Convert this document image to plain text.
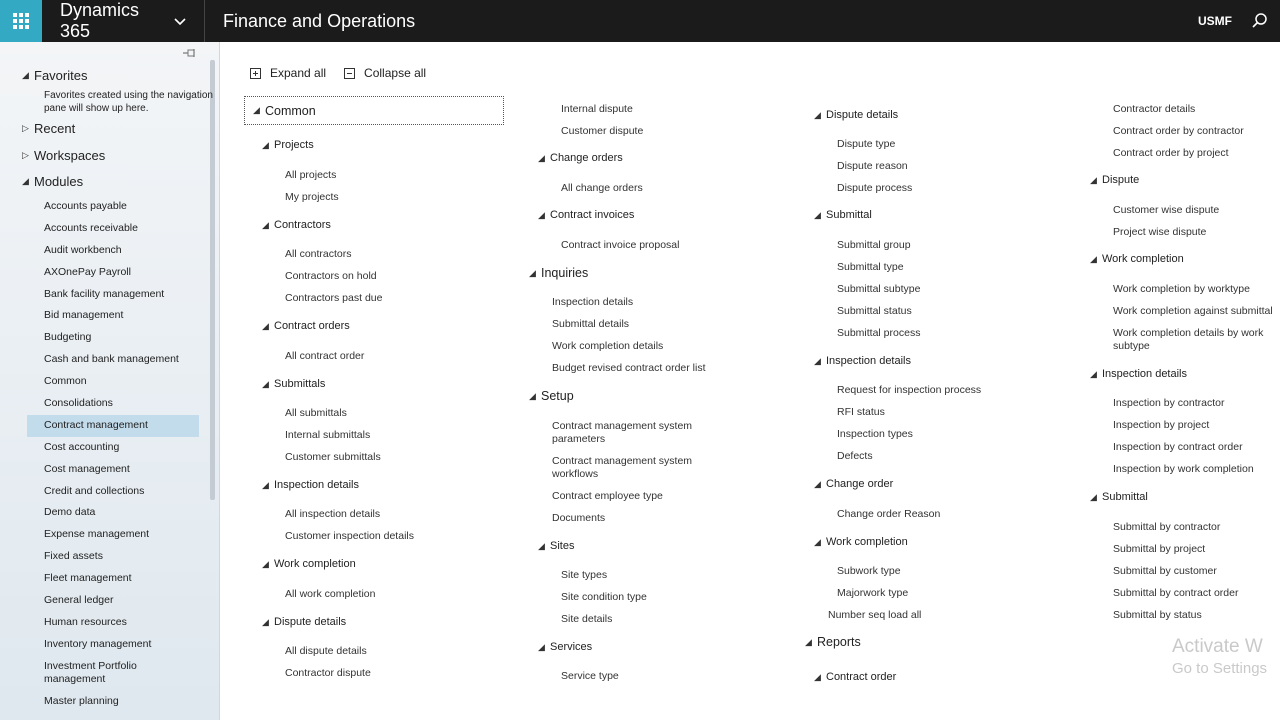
Dynamics 365
Finance and Operations	USMF
◢ Favorites
Favorites created using the navigation pane will show up here.
▷ Recent
▷ Workspaces
◢ Modules
Accounts payable
Accounts receivable
Audit workbench
AXOnePay Payroll
Bank facility management
Bid management
Budgeting
Cash and bank management
Common
Consolidations
Contract management
Cost accounting
Cost management
Credit and collections
Demo data
Expense management
Fixed assets
Fleet management
General ledger
Human resources
Inventory management
Investment Portfolio management
Master planning
Expand all	Collapse all
◢ Common
◢ Projects
All projects
My projects
◢ Contractors
All contractors
Contractors on hold
Contractors past due
◢ Contract orders
All contract order
◢ Submittals
All submittals
Internal submittals
Customer submittals
◢ Inspection details
All inspection details
Customer inspection details
◢ Work completion
All work completion
◢ Dispute details
All dispute details
Contractor dispute
Internal dispute
Customer dispute
◢ Change orders
All change orders
◢ Contract invoices
Contract invoice proposal
◢ Inquiries
Inspection details
Submittal details
Work completion details
Budget revised contract order list
◢ Setup
Contract management system parameters
Contract management system workflows
Contract employee type
Documents
◢ Sites
Site types
Site condition type
Site details
◢ Services
Service type
◢ Dispute details
Dispute type
Dispute reason
Dispute process
◢ Submittal
Submittal group
Submittal type
Submittal subtype
Submittal status
Submittal process
◢ Inspection details
Request for inspection process
RFI status
Inspection types
Defects
◢ Change order
Change order Reason
◢ Work completion
Subwork type
Majorwork type
Number seq load all
◢ Reports
◢ Contract order
Contractor details
Contract order by contractor
Contract order by project
◢ Dispute
Customer wise dispute
Project wise dispute
◢ Work completion
Work completion by worktype
Work completion against submittal
Work completion details by work subtype
◢ Inspection details
Inspection by contractor
Inspection by project
Inspection by contract order
Inspection by work completion
◢ Submittal
Submittal by contractor
Submittal by project
Submittal by customer
Submittal by contract order
Submittal by status
Activate W
Go to Settings
